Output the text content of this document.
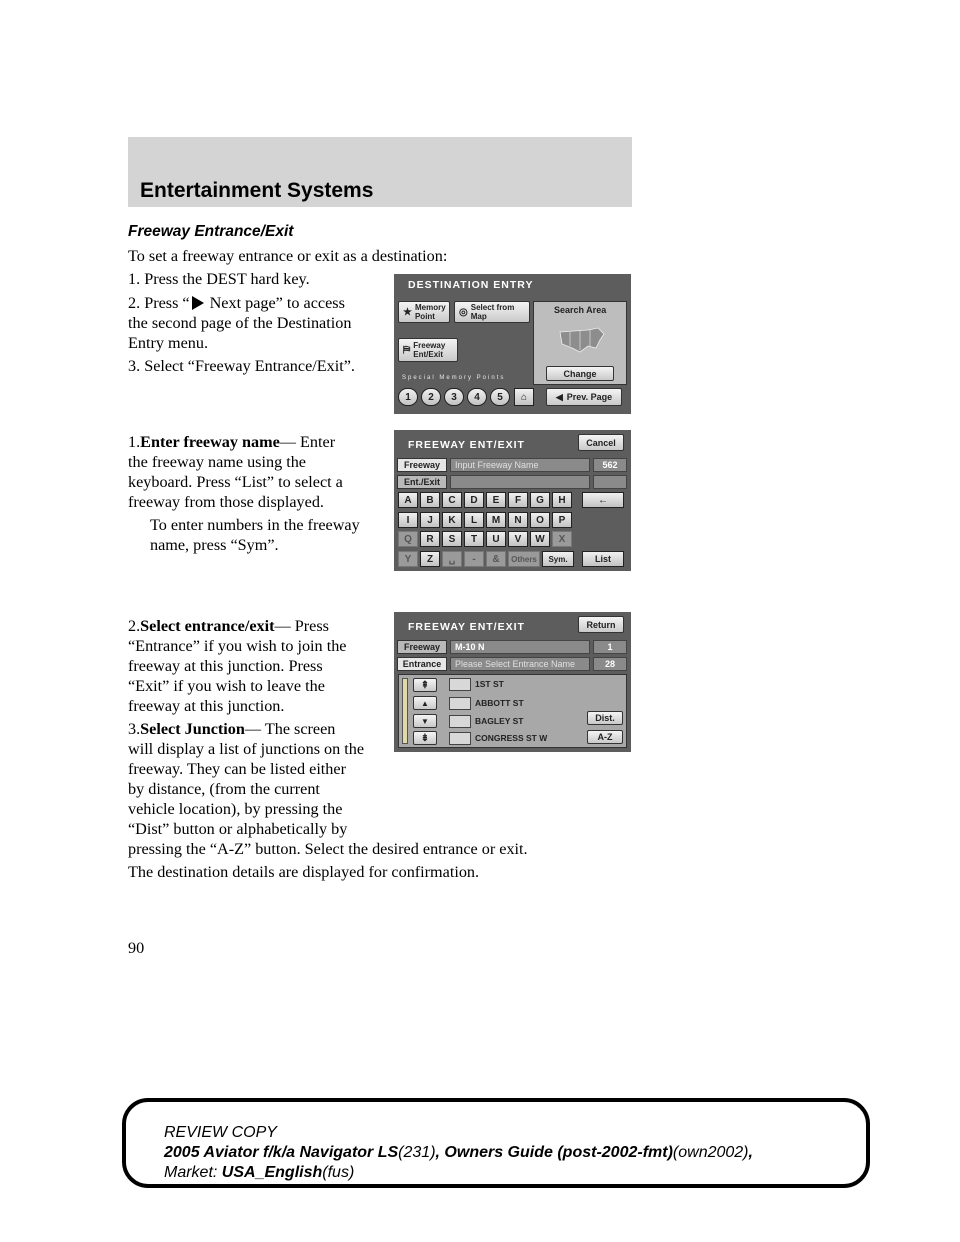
Entertainment Systems
Freeway Entrance/Exit
To set a freeway entrance or exit as a destination:
1. Press the DEST hard key.
2. Press “ Next page” to access
the second page of the Destination
Entry menu.
3. Select “Freeway Entrance/Exit”.
1.Enter freeway name— Enter
the freeway name using the
keyboard. Press “List” to select a
freeway from those displayed.
To enter numbers in the freeway
name, press “Sym”.
2.Select entrance/exit— Press
“Entrance” if you wish to join the
freeway at this junction. Press
“Exit” if you wish to leave the
freeway at this junction.
3.Select Junction— The screen
will display a list of junctions on the
freeway. They can be listed either
by distance, (from the current
vehicle location), by pressing the
“Dist” button or alphabetically by
pressing the “A-Z” button. Select the desired entrance or exit.
The destination details are displayed for confirmation.
DESTINATION ENTRY
★ Memory
Point	◎ Select from
Map
⛿ Freeway
Ent/Exit
Search Area
Change
Special Memory Points
1	2	3	4	5	⌂	◀ Prev. Page
FREEWAY ENT/EXIT	Cancel
Freeway	Input Freeway Name	562
Ent./Exit
A	B	C	D	E	F	G	H	←
I	J	K	L	M	N	O	P
Q	R	S	T	U	V	W	X
Y	Z	␣	-	&	Others	Sym.	List
FREEWAY ENT/EXIT	Return
Freeway	M-10 N	1
Entrance	Please Select Entrance Name	28
⇞
▲
▼
⇟
1ST ST
ABBOTT ST
BAGLEY ST
CONGRESS ST W
Dist.
A-Z
90
REVIEW COPY
2005 Aviator f/k/a Navigator LS(231), Owners Guide (post-2002-fmt)(own2002),
Market: USA_English(fus)
